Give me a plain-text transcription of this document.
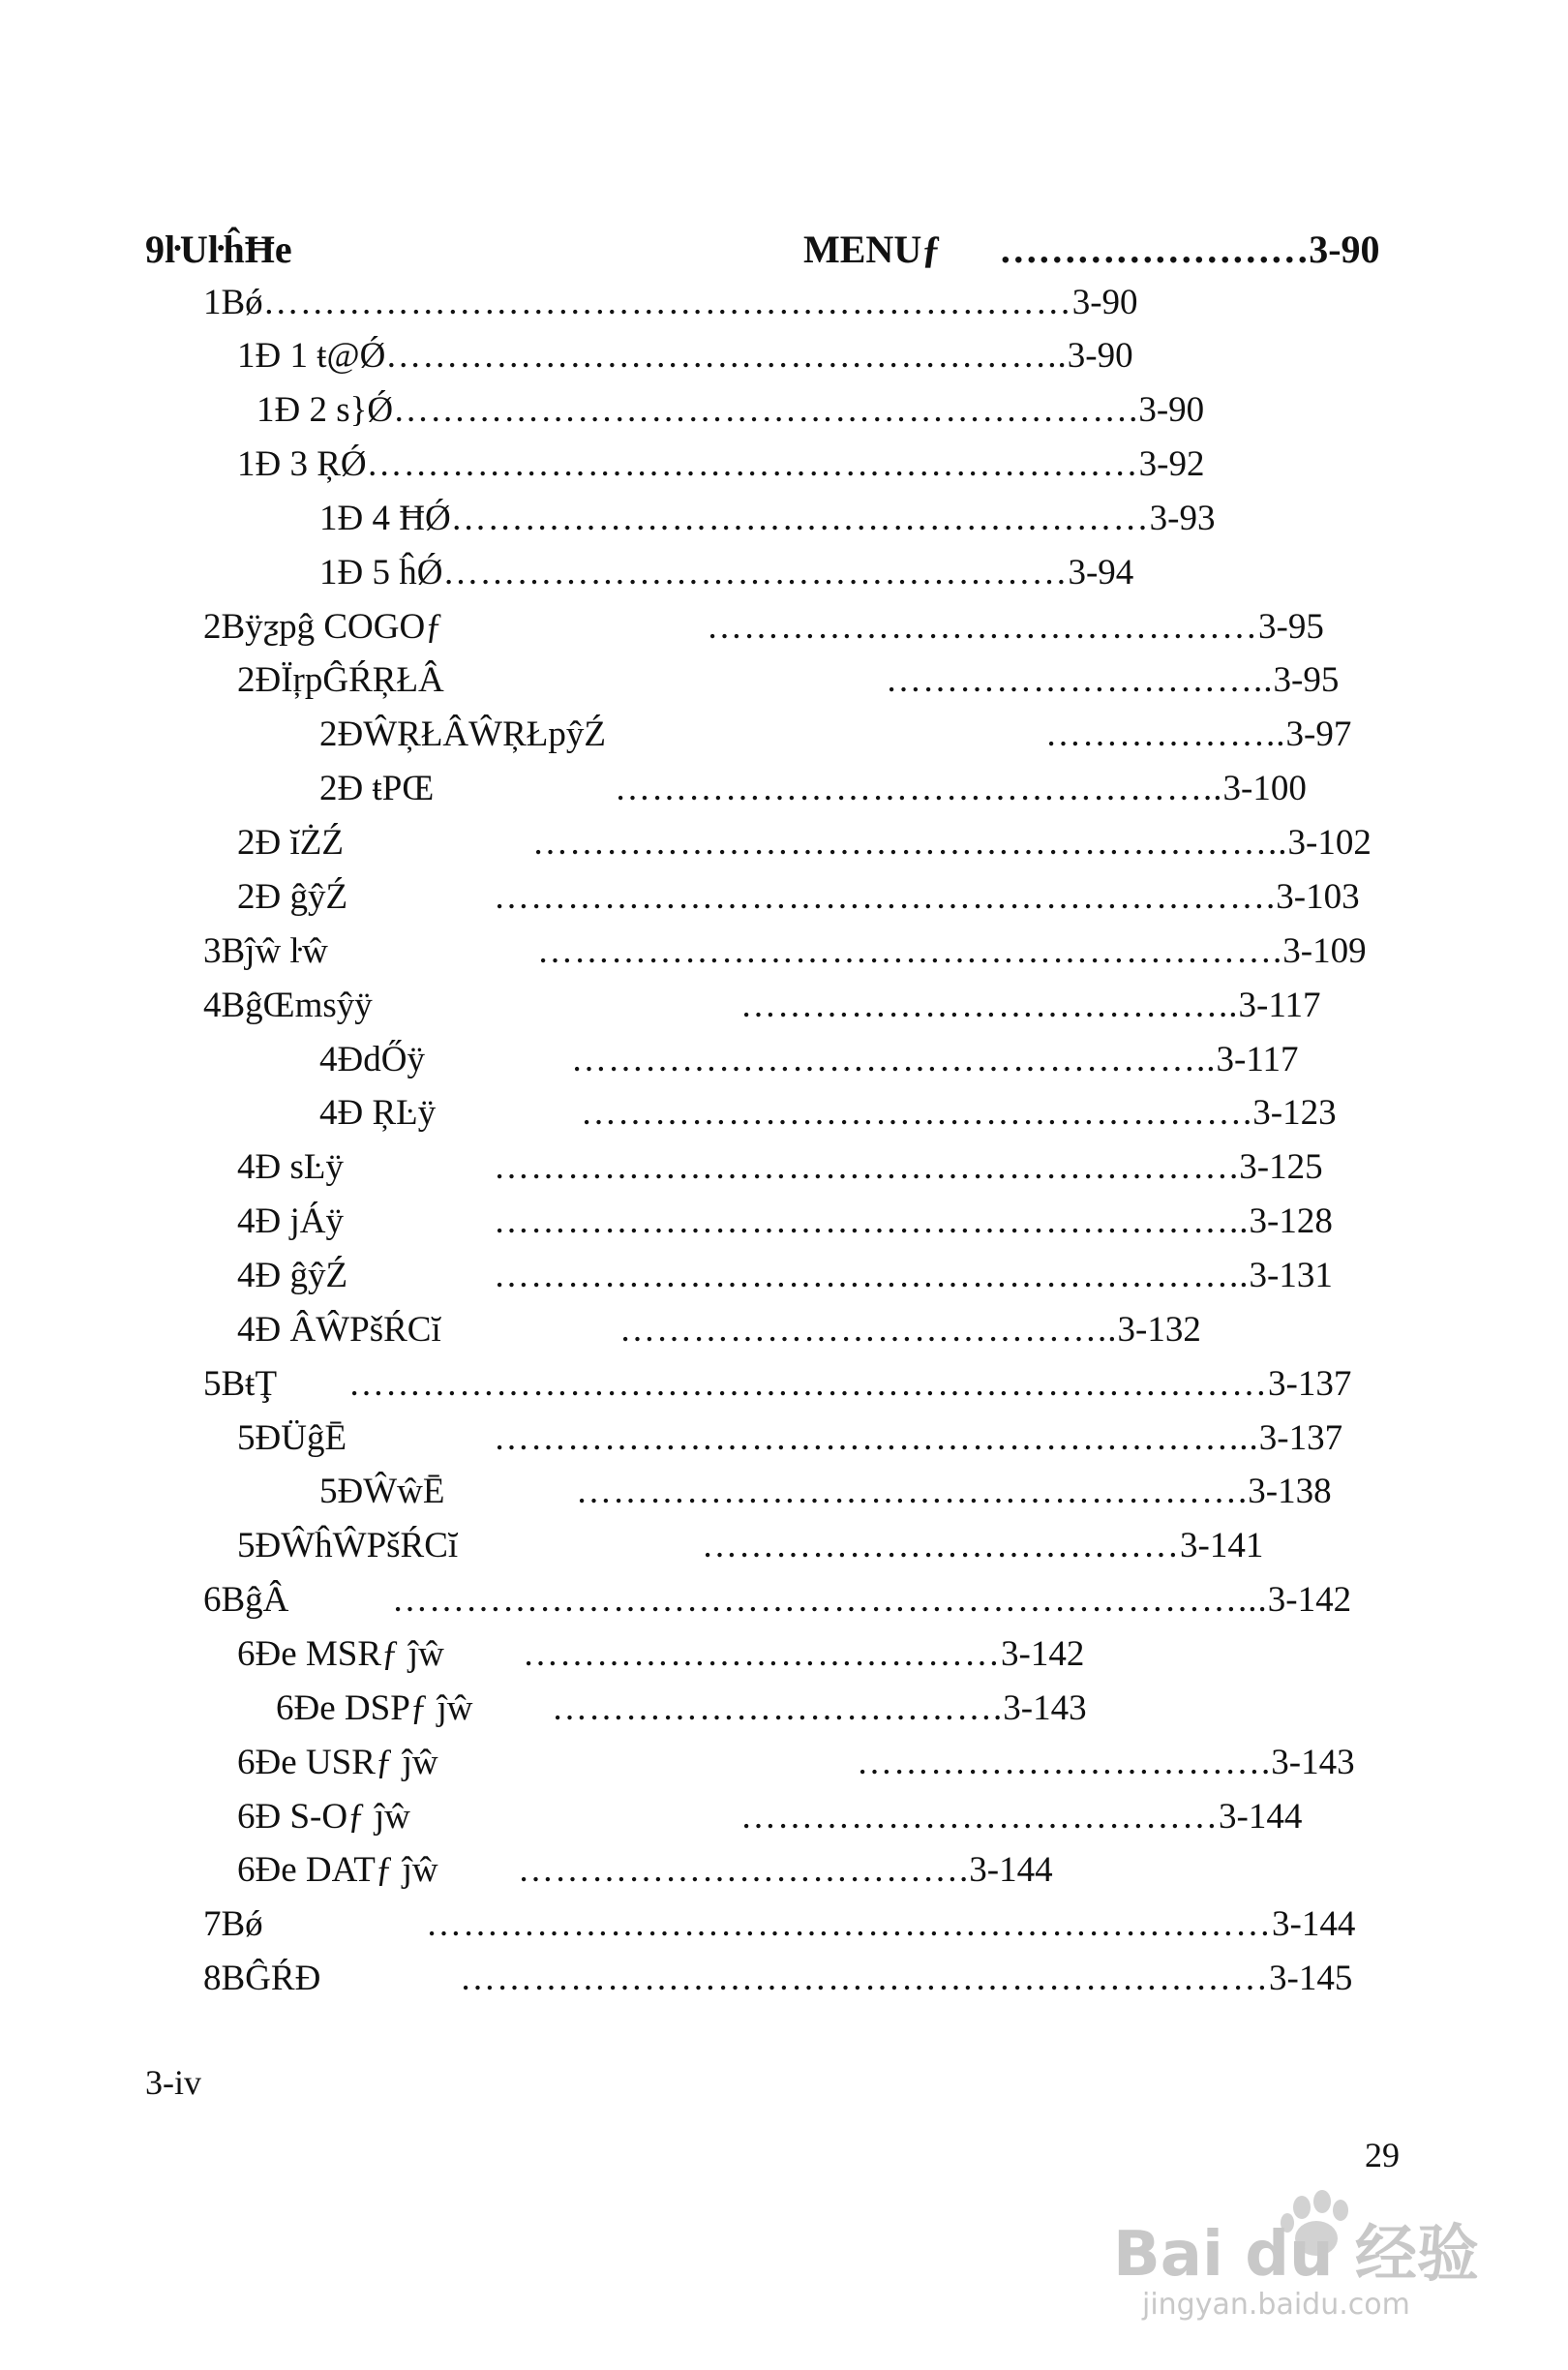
9ŀUŀĥĦe	MENUƒ ……………………3-90
1Bǿ…………………………………………………………3-90
1Ð 1 ŧ@Ǿ………………………………………………..3-90
1Ð 2 s}Ǿ…………………………………………………….3-90
1Ð 3 ŖǾ………………………………………………………3-92
1Ð 4 ĦǾ…………………………………………………3-93
1Ð 5 ĥǾ……………………………………………3-94
2Bÿƺpĝ COGOƒ	………………………………………3-95
2ÐÏŗpĜŔŖŁÂ	…………………………..3-95
2ÐŴŖŁÂŴŖŁpŷŹ	………………..3-97
2Ð ŧPŒ	…………………………………………..3-100
2Ð ĭŻŹ	……………………………………………………..3-102
2Ð ĝŷŹ	……………………………………………………….3-103
3Bĵŵ ŀŵ	…………………………………………………….3-109
4BĝŒmsŷÿ	…………………………………..3-117
4ÐdŐÿ	……………………………………………..3-117
4Ð ŖĿÿ	……………………………………………….3-123
4Ð sĿÿ	…………………………………………………….3-125
4Ð jÁÿ	……………………………………………………..3-128
4Ð ĝŷŹ	……………………………………………………..3-131
4Ð ÂŴPšŔCĭ	…………………………………..3-132
5BŧŢ …………………………………………………………………3-137
5ÐÜĝĒ	……………………………………………………...3-137
5ÐŴŵĒ	……………………………………………….3-138
5ÐŴĥŴPšŔCĭ	…………………………………3-141
6BĝÂ	……………………………………………………………...3-142
6Ðe MSRƒ ĵŵ …………………………………3-142
6Ðe DSPƒ ĵŵ ……………………………….3-143
6Ðe USRƒ ĵŵ	…………………………….3-143
6Ð S-Oƒ ĵŵ	…………………………………3-144
6Ðe DATƒ ĵŵ ……………………………….3-144
7Bǿ	……………………………………………………………3-144
8BĜŔĐ	…………………………………………………………3-145
3-iv
29
Bai du 经验
jingyan.baidu.com
